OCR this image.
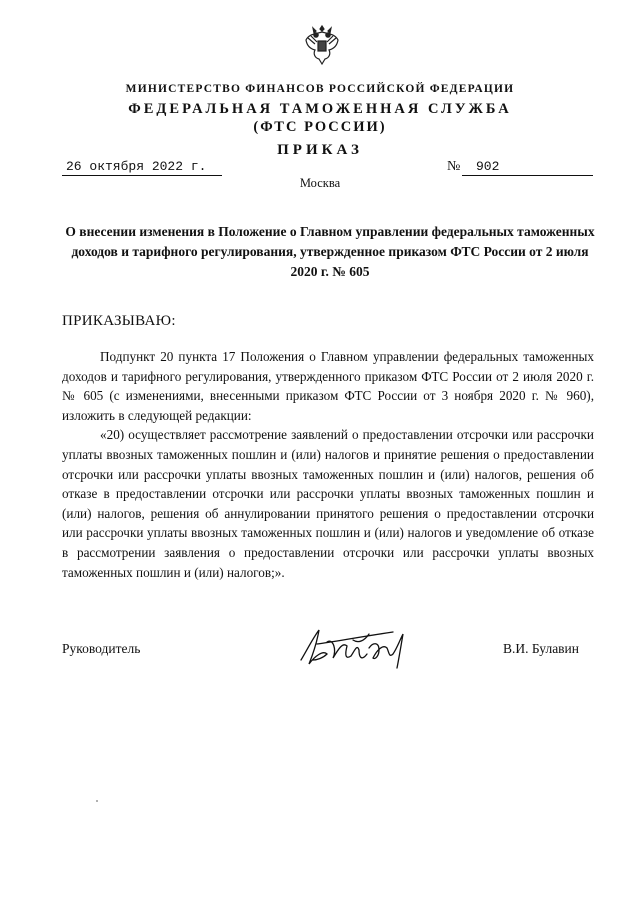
МИНИСТЕРСТВО ФИНАНСОВ РОССИЙСКОЙ ФЕДЕРАЦИИ
ФЕДЕРАЛЬНАЯ ТАМОЖЕННАЯ СЛУЖБА
(ФТС РОССИИ)
ПРИКАЗ
26 октября 2022 г.	№	902
Москва
О внесении изменения в Положение о Главном управлении федеральных таможенных доходов и тарифного регулирования, утвержденное приказом ФТС России от 2 июля 2020 г. № 605
ПРИКАЗЫВАЮ:

Подпункт 20 пункта 17 Положения о Главном управлении федеральных таможенных доходов и тарифного регулирования, утвержденного приказом ФТС России от 2 июля 2020 г. № 605 (с изменениями, внесенными приказом ФТС России от 3 ноября 2020 г. № 960), изложить в следующей редакции:

«20) осуществляет рассмотрение заявлений о предоставлении отсрочки или рассрочки уплаты ввозных таможенных пошлин и (или) налогов и принятие решения о предоставлении отсрочки или рассрочки уплаты ввозных таможенных пошлин и (или) налогов, решения об отказе в предоставлении отсрочки или рассрочки уплаты ввозных таможенных пошлин и (или) налогов, решения об аннулировании принятого решения о предоставлении отсрочки или рассрочки уплаты ввозных таможенных пошлин и (или) налогов и уведомление об отказе в рассмотрении заявления о предоставлении отсрочки или рассрочки уплаты ввозных таможенных пошлин и (или) налогов;».

Руководитель	В.И. Булавин
